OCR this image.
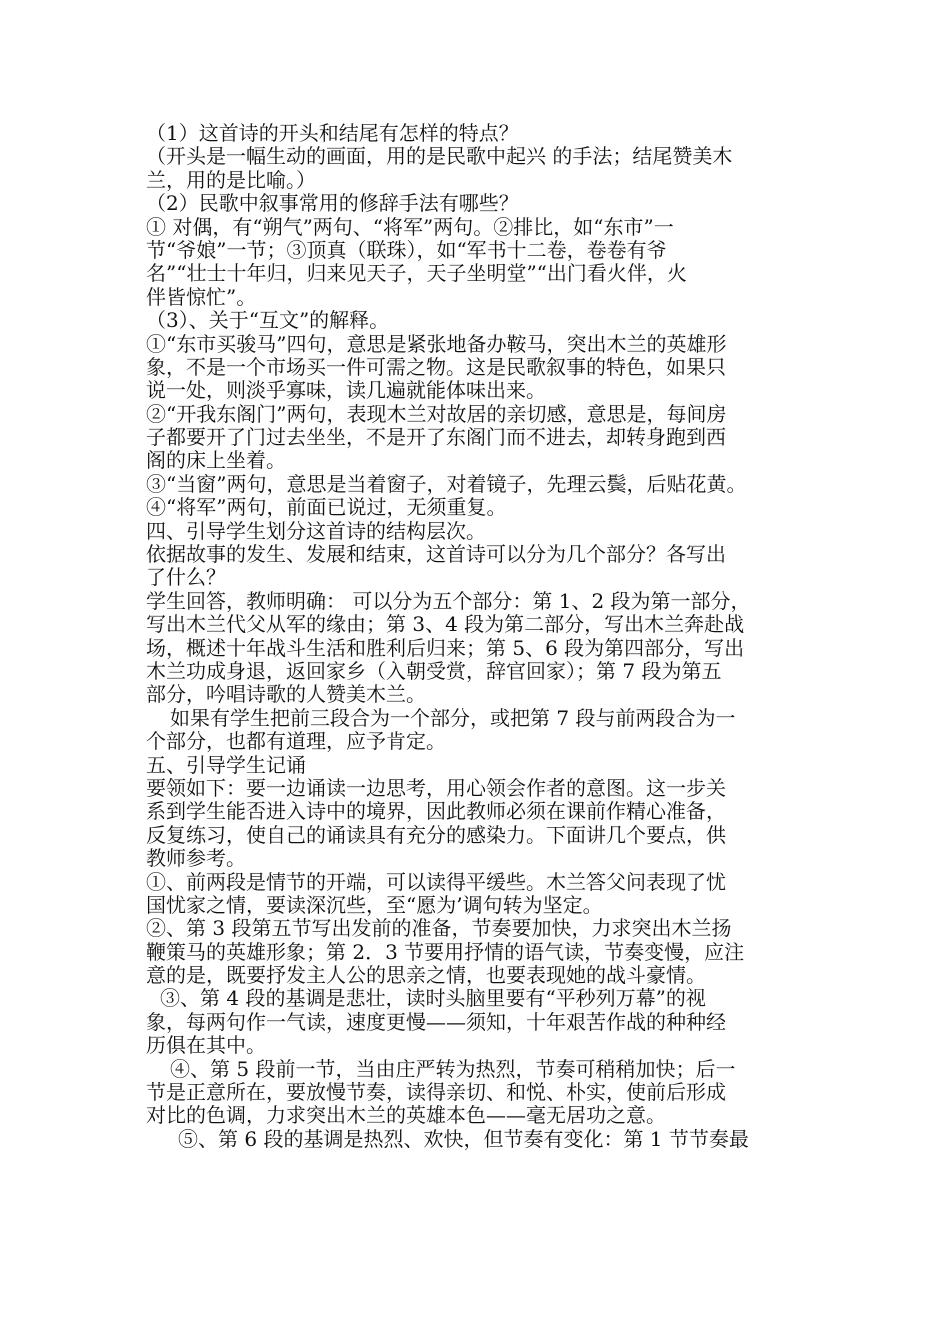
（1）这首诗的开头和结尾有怎样的特点？
（开头是一幅生动的画面，用的是民歌中起兴 的手法；结尾赞美木
兰，用的是比喻。）
（2）民歌中叙事常用的修辞手法有哪些？
① 对偶，有“朔气”两句、“将军”两句。②排比，如“东市”一
节“爷娘”一节；③顶真（联珠），如“军书十二卷，卷卷有爷
名”“壮士十年归，归来见天子，天子坐明堂”“出门看火伴，火
伴皆惊忙”。
（3）、关于“互文”的解释。
①“东市买骏马”四句，意思是紧张地备办鞍马，突出木兰的英雄形
象，不是一个市场买一件可需之物。这是民歌叙事的特色，如果只
说一处，则淡乎寡味，读几遍就能体味出来。
②“开我东阁门”两句，表现木兰对故居的亲切感，意思是，每间房
子都要开了门过去坐坐，不是开了东阁门而不进去，却转身跑到西
阁的床上坐着。
③“当窗”两句，意思是当着窗子，对着镜子，先理云鬓，后贴花黄。
④“将军”两句，前面已说过，无须重复。
四、引导学生划分这首诗的结构层次。
依据故事的发生、发展和结束，这首诗可以分为几个部分？各写出
了什么？
学生回答，教师明确： 可以分为五个部分：第 1、2 段为第一部分，
写出木兰代父从军的缘由；第 3、4 段为第二部分，写出木兰奔赴战
场，概述十年战斗生活和胜利后归来；第 5、6 段为第四部分，写出
木兰功成身退，返回家乡（入朝受赏，辞官回家）；第 7 段为第五
部分，吟唱诗歌的人赞美木兰。
如果有学生把前三段合为一个部分，或把第 7 段与前两段合为一
个部分，也都有道理，应予肯定。
五、引导学生记诵
要领如下：要一边诵读一边思考，用心领会作者的意图。这一步关
系到学生能否进入诗中的境界，因此教师必须在课前作精心准备，
反复练习，使自己的诵读具有充分的感染力。下面讲几个要点，供
教师参考。
①、前两段是情节的开端，可以读得平缓些。木兰答父问表现了忧
国忧家之情，要读深沉些，至“愿为’调句转为坚定。
②、第 3 段第五节写出发前的准备，节奏要加快，力求突出木兰扬
鞭策马的英雄形象；第 2．3 节要用抒情的语气读，节奏变慢，应注
意的是，既要抒发主人公的思亲之情，也要表现她的战斗豪情。
③、第 4 段的基调是悲壮，读时头脑里要有“平秒列万幕”的视
象，每两句作一气读，速度更慢——须知，十年艰苦作战的种种经
历俱在其中。
④、第 5 段前一节，当由庄严转为热烈，节奏可稍稍加快；后一
节是正意所在，要放慢节奏，读得亲切、和悦、朴实，使前后形成
对比的色调，力求突出木兰的英雄本色——毫无居功之意。
⑤、第 6 段的基调是热烈、欢快，但节奏有变化：第 1 节节奏最
